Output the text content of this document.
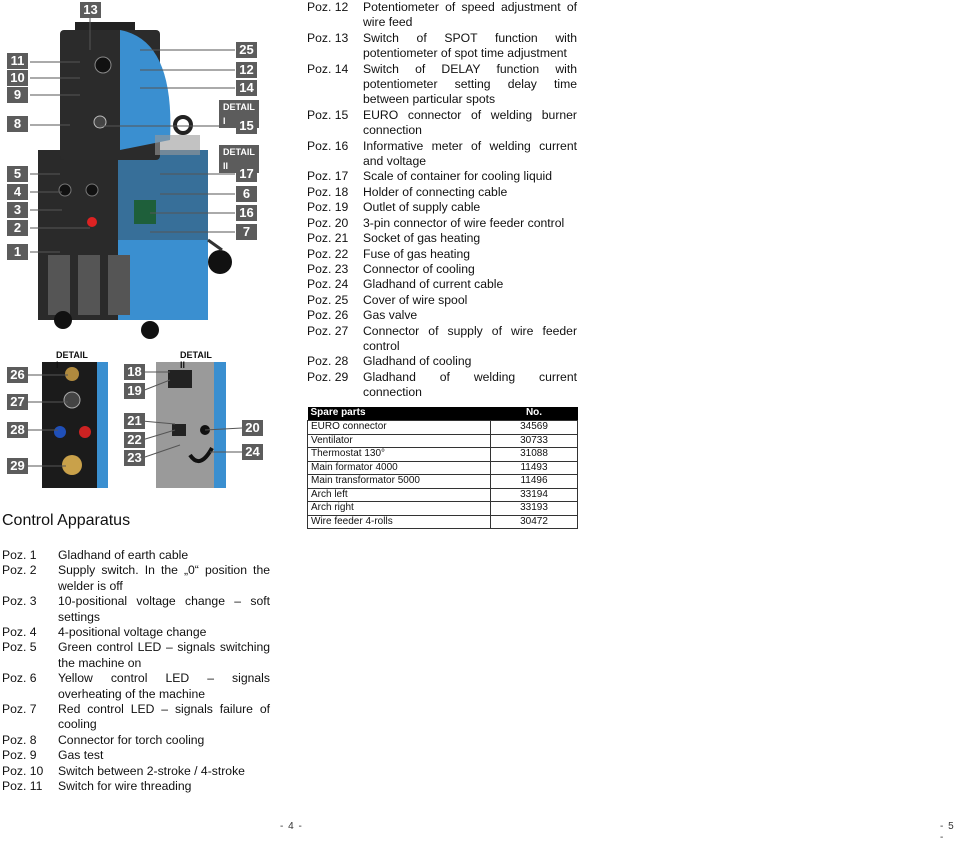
11
10
9
8
5
4
3
2
1
13
25
12
14
DETAIL I	15
DETAIL II 17
6
16
7
DETAIL I
DETAIL II
26
27
28
29
18
19
21
22
23
20
24
Poz. 12	Potentiometer of speed adjustment of wire feed
Poz. 13	Switch of SPOT function with potentiometer of spot time adjustment
Poz. 14	Switch of DELAY function with potentiometer setting delay time between particular spots
Poz. 15	EURO connector of welding burner connection
Poz. 16	Informative meter of welding current and voltage
Poz. 17	Scale of container for cooling liquid
Poz. 18	Holder of connecting cable
Poz. 19	Outlet of supply cable
Poz. 20	3-pin connector of wire feeder control
Poz. 21	Socket of gas heating
Poz. 22	Fuse of gas heating
Poz. 23	Connector of cooling
Poz. 24	Gladhand of current cable
Poz. 25	Cover of wire spool
Poz. 26	Gas valve
Poz. 27	Connector of supply of wire feeder control
Poz. 28	Gladhand of cooling
Poz. 29	Gladhand of welding current connection
Spare parts	No.
EURO connector	34569
Ventilator	30733
Thermostat 130°	31088
Main formator 4000	11493
Main transformator 5000	11496
Arch left	33194
Arch right	33193
Wire feeder 4-rolls	30472
Control Apparatus
Poz. 1	Gladhand of earth cable
Poz. 2	Supply switch. In the „0“ position the welder is off
Poz. 3	10-positional voltage change – soft settings
Poz. 4	4-positional voltage change
Poz. 5	Green control LED – signals switching the machine on
Poz. 6	Yellow control LED – signals overheating of the machine
Poz. 7	Red control LED – signals failure of cooling
Poz. 8	Connector for torch cooling
Poz. 9	Gas test
Poz. 10	Switch between 2-stroke / 4-stroke
Poz. 11	Switch for wire threading
- 4 -	- 5 -
